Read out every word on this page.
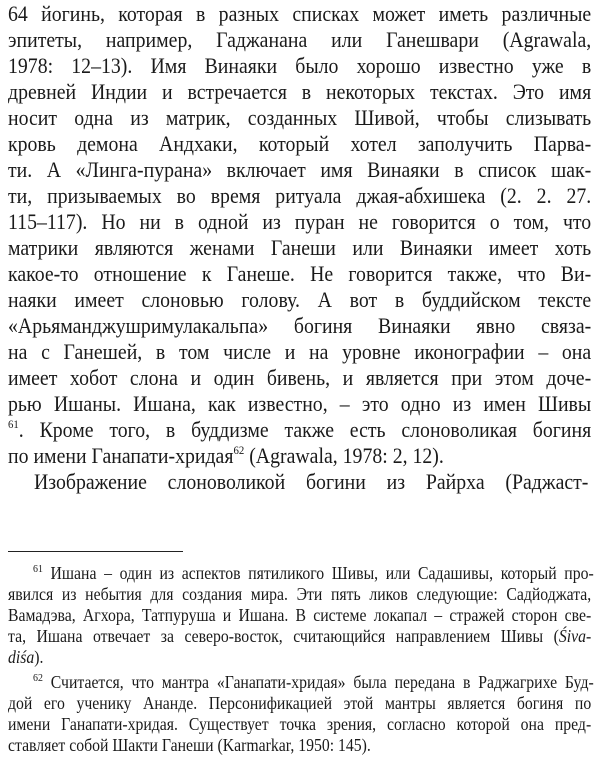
64 йогинь, которая в разных списках может иметь различные
эпитеты, например, Гаджанана или Ганешвари (Agrawala,
1978: 12–13). Имя Винаяки было хорошо известно уже в
древней Индии и встречается в некоторых текстах. Это имя
носит одна из матрик, созданных Шивой, чтобы слизывать
кровь демона Андхаки, который хотел заполучить Парва-
ти. А «Линга-пурана» включает имя Винаяки в список шак-
ти, призываемых во время ритуала джая-абхишека (2. 2. 27.
115–117). Но ни в одной из пуран не говорится о том, что
матрики являются женами Ганеши или Винаяки имеет хоть
какое-то отношение к Ганеше. Не говорится также, что Ви-
наяки имеет слоновью голову. А вот в буддийском тексте
«Арьяманджушримулакальпа» богиня Винаяки явно связа-
на с Ганешей, в том числе и на уровне иконографии – она
имеет хобот слона и один бивень, и является при этом доче-
рью Ишаны. Ишана, как известно, – это одно из имен Шивы
$^{61}$. Кроме того, в буддизме также есть слоноволикая богиня
по имени Ганапати-хридая$^{62}$ (Agrawala, 1978: 2, 12).
Изображение слоноволикой богини из Райрха (Раджаст-
$^{61}$ Ишана – один из аспектов пятиликого Шивы, или Садашивы, который про-
явился из небытия для создания мира. Эти пять ликов следующие: Садйоджата,
Вамадэва, Агхора, Татпуруша и Ишана. В системе локапал – стражей сторон све-
та, Ишана отвечает за северо-восток, считающийся направлением Шивы (Śiva-
diśa).
$^{62}$ Считается, что мантра «Ганапати-хридая» была передана в Раджагрихе Буд-
дой его ученику Ананде. Персонификацией этой мантры является богиня по
имени Ганапати-хридая. Существует точка зрения, согласно которой она пред-
ставляет собой Шакти Ганеши (Karmarkar, 1950: 145).
